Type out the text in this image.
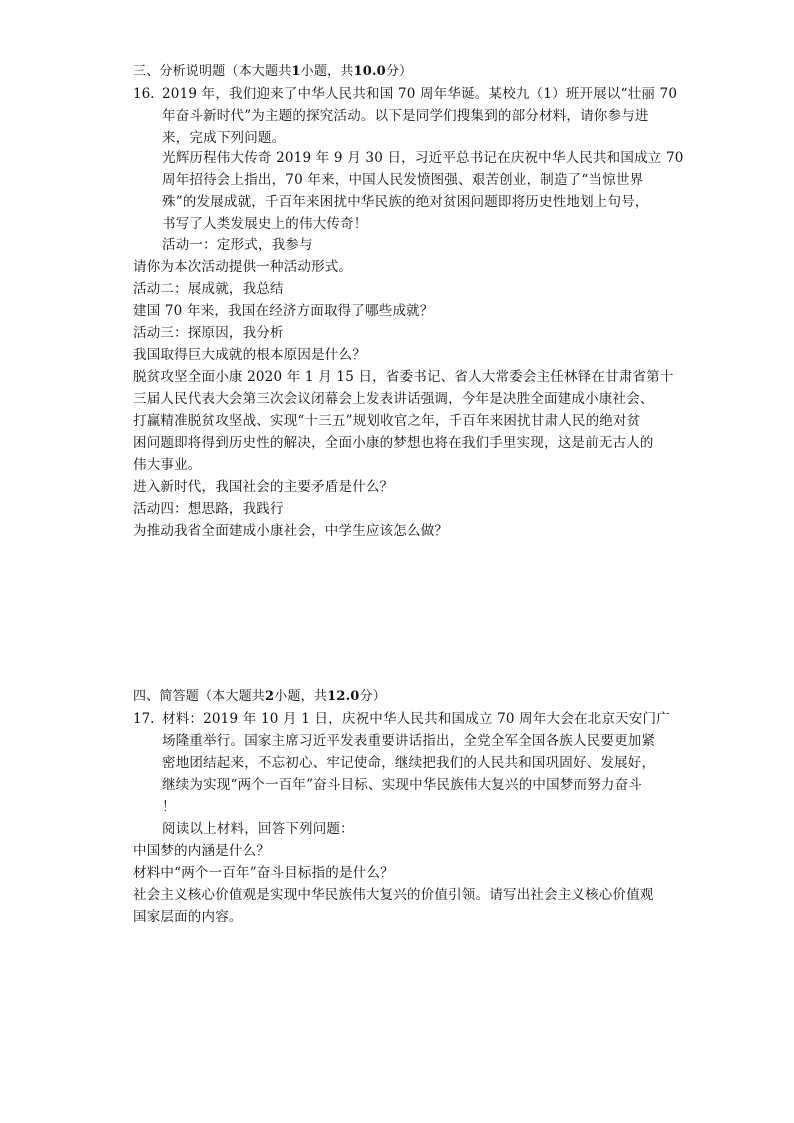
三、分析说明题（本大题共1小题，共10.0分）
16. 2019 年，我们迎来了中华人民共和国 70 周年华诞。某校九（1）班开展以“壮丽 70
年奋斗新时代”为主题的探究活动。以下是同学们搜集到的部分材料，请你参与进
来，完成下列问题。
光辉历程伟大传奇 2019 年 9 月 30 日，习近平总书记在庆祝中华人民共和国成立 70
周年招待会上指出，70 年来，中国人民发愤图强、艰苦创业，制造了“当惊世界
殊”的发展成就，千百年来困扰中华民族的绝对贫困问题即将历史性地划上句号，
书写了人类发展史上的伟大传奇！
活动一：定形式，我参与
请你为本次活动提供一种活动形式。
活动二：展成就，我总结
建国 70 年来，我国在经济方面取得了哪些成就？
活动三：探原因，我分析
我国取得巨大成就的根本原因是什么？
脱贫攻坚全面小康 2020 年 1 月 15 日，省委书记、省人大常委会主任林铎在甘肃省第十
三届人民代表大会第三次会议闭幕会上发表讲话强调，今年是决胜全面建成小康社会、
打赢精准脱贫攻坚战、实现“十三五”规划收官之年，千百年来困扰甘肃人民的绝对贫
困问题即将得到历史性的解决，全面小康的梦想也将在我们手里实现，这是前无古人的
伟大事业。
进入新时代，我国社会的主要矛盾是什么？
活动四：想思路，我践行
为推动我省全面建成小康社会，中学生应该怎么做？
四、简答题（本大题共2小题，共12.0分）
17. 材料：2019 年 10 月 1 日，庆祝中华人民共和国成立 70 周年大会在北京天安门广
场隆重举行。国家主席习近平发表重要讲话指出，全党全军全国各族人民要更加紧
密地团结起来，不忘初心、牢记使命，继续把我们的人民共和国巩固好、发展好，
继续为实现“两个一百年”奋斗目标、实现中华民族伟大复兴的中国梦而努力奋斗
！
阅读以上材料，回答下列问题：
中国梦的内涵是什么？
材料中“两个一百年”奋斗目标指的是什么？
社会主义核心价值观是实现中华民族伟大复兴的价值引领。请写出社会主义核心价值观
国家层面的内容。
